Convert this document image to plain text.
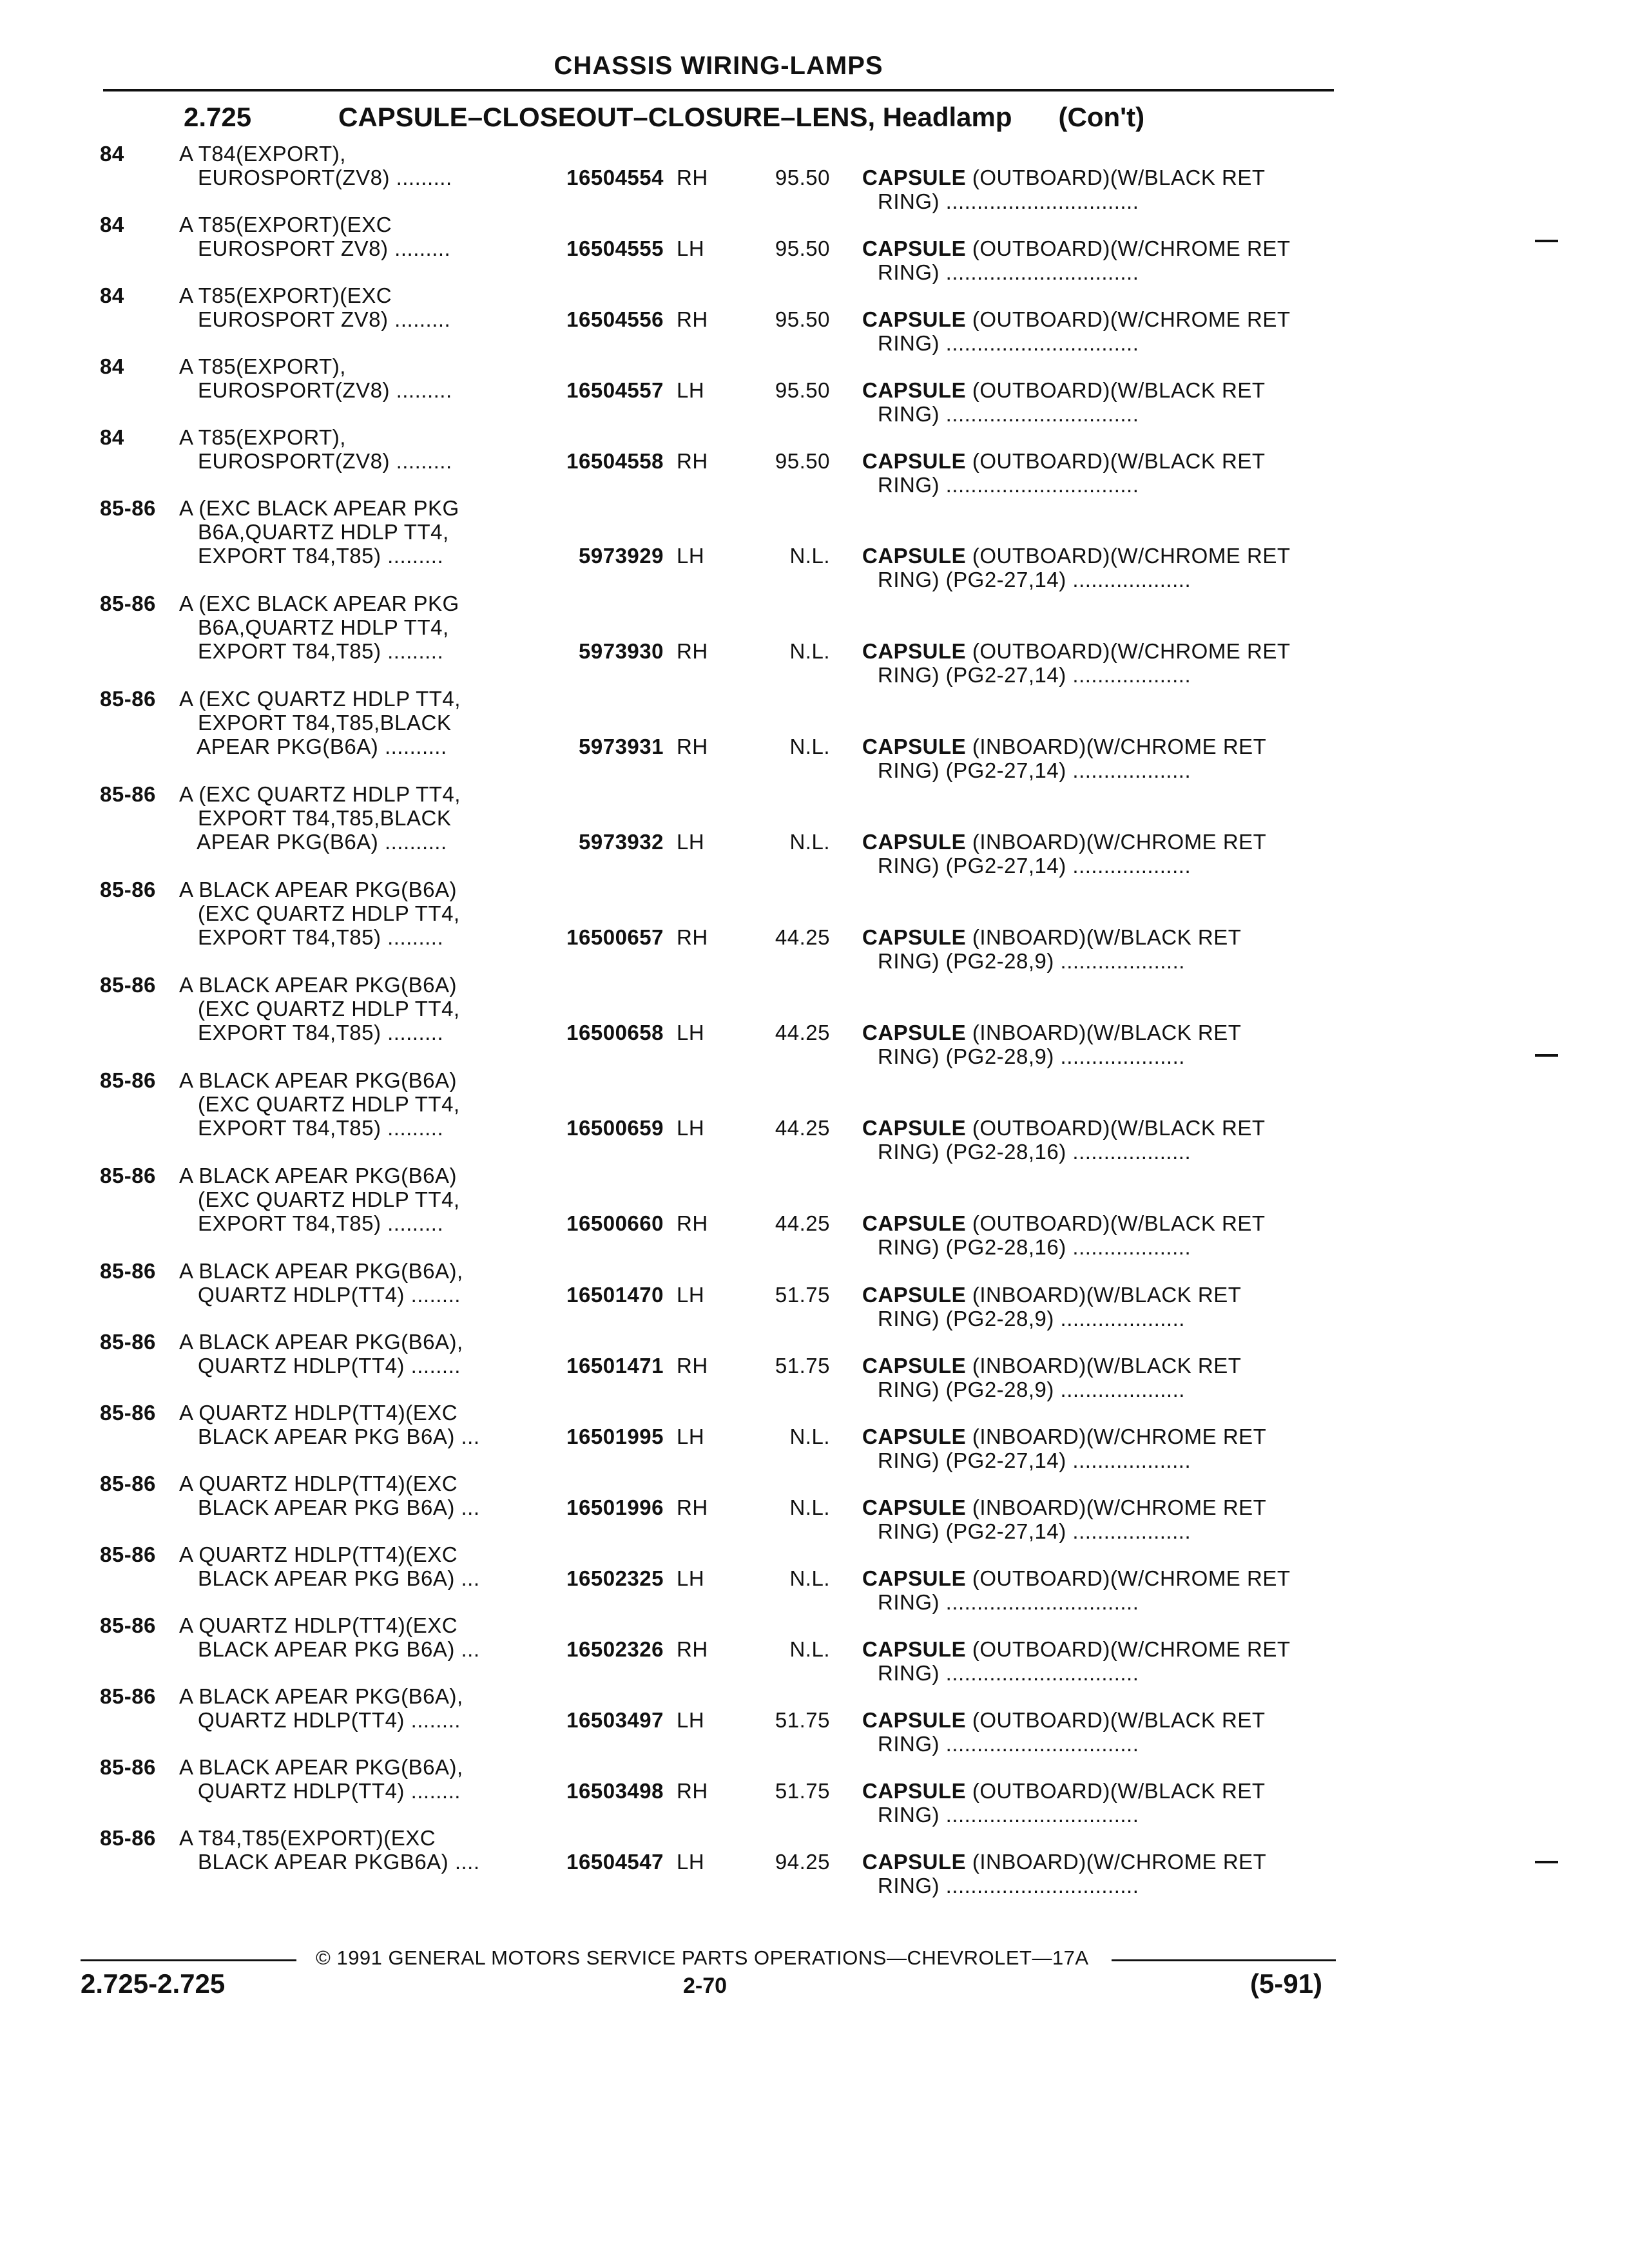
CHASSIS WIRING-LAMPS
2.725	CAPSULE–CLOSEOUT–CLOSURE–LENS, Headlamp (Con't)
84	A T84(EXPORT),
EUROSPORT(ZV8) .........	16504554 RH	95.50 CAPSULE (OUTBOARD)(W/BLACK RET
RING) ...............................
84	A T85(EXPORT)(EXC
EUROSPORT ZV8) .........	16504555 LH	95.50 CAPSULE (OUTBOARD)(W/CHROME RET
RING) ...............................
84	A T85(EXPORT)(EXC
EUROSPORT ZV8) .........	16504556 RH	95.50 CAPSULE (OUTBOARD)(W/CHROME RET
RING) ...............................
84	A T85(EXPORT),
EUROSPORT(ZV8) .........	16504557 LH	95.50 CAPSULE (OUTBOARD)(W/BLACK RET
RING) ...............................
84	A T85(EXPORT),
EUROSPORT(ZV8) .........	16504558 RH	95.50 CAPSULE (OUTBOARD)(W/BLACK RET
RING) ...............................
85-86 A (EXC BLACK APEAR PKG
B6A,QUARTZ HDLP TT4,
EXPORT T84,T85) .........	5973929 LH	N.L. CAPSULE (OUTBOARD)(W/CHROME RET
RING) (PG2-27,14) ...................
85-86 A (EXC BLACK APEAR PKG
B6A,QUARTZ HDLP TT4,
EXPORT T84,T85) .........	5973930 RH	N.L. CAPSULE (OUTBOARD)(W/CHROME RET
RING) (PG2-27,14) ...................
85-86 A (EXC QUARTZ HDLP TT4,
EXPORT T84,T85,BLACK
APEAR PKG(B6A) ..........	5973931 RH	N.L. CAPSULE (INBOARD)(W/CHROME RET
RING) (PG2-27,14) ...................
85-86 A (EXC QUARTZ HDLP TT4,
EXPORT T84,T85,BLACK
APEAR PKG(B6A) ..........	5973932 LH	N.L. CAPSULE (INBOARD)(W/CHROME RET
RING) (PG2-27,14) ...................
85-86 A BLACK APEAR PKG(B6A)
(EXC QUARTZ HDLP TT4,
EXPORT T84,T85) .........	16500657 RH	44.25 CAPSULE (INBOARD)(W/BLACK RET
RING) (PG2-28,9) ....................
85-86 A BLACK APEAR PKG(B6A)
(EXC QUARTZ HDLP TT4,
EXPORT T84,T85) .........	16500658 LH	44.25 CAPSULE (INBOARD)(W/BLACK RET
RING) (PG2-28,9) ....................
85-86 A BLACK APEAR PKG(B6A)
(EXC QUARTZ HDLP TT4,
EXPORT T84,T85) .........	16500659 LH	44.25 CAPSULE (OUTBOARD)(W/BLACK RET
RING) (PG2-28,16) ...................
85-86 A BLACK APEAR PKG(B6A)
(EXC QUARTZ HDLP TT4,
EXPORT T84,T85) .........	16500660 RH	44.25 CAPSULE (OUTBOARD)(W/BLACK RET
RING) (PG2-28,16) ...................
85-86 A BLACK APEAR PKG(B6A),
QUARTZ HDLP(TT4) ........	16501470 LH	51.75 CAPSULE (INBOARD)(W/BLACK RET
RING) (PG2-28,9) ....................
85-86 A BLACK APEAR PKG(B6A),
QUARTZ HDLP(TT4) ........	16501471 RH	51.75 CAPSULE (INBOARD)(W/BLACK RET
RING) (PG2-28,9) ....................
85-86 A QUARTZ HDLP(TT4)(EXC
BLACK APEAR PKG B6A) ...	16501995 LH	N.L. CAPSULE (INBOARD)(W/CHROME RET
RING) (PG2-27,14) ...................
85-86 A QUARTZ HDLP(TT4)(EXC
BLACK APEAR PKG B6A) ...	16501996 RH	N.L. CAPSULE (INBOARD)(W/CHROME RET
RING) (PG2-27,14) ...................
85-86 A QUARTZ HDLP(TT4)(EXC
BLACK APEAR PKG B6A) ...	16502325 LH	N.L. CAPSULE (OUTBOARD)(W/CHROME RET
RING) ...............................
85-86 A QUARTZ HDLP(TT4)(EXC
BLACK APEAR PKG B6A) ...	16502326 RH	N.L. CAPSULE (OUTBOARD)(W/CHROME RET
RING) ...............................
85-86 A BLACK APEAR PKG(B6A),
QUARTZ HDLP(TT4) ........	16503497 LH	51.75 CAPSULE (OUTBOARD)(W/BLACK RET
RING) ...............................
85-86 A BLACK APEAR PKG(B6A),
QUARTZ HDLP(TT4) ........	16503498 RH	51.75 CAPSULE (OUTBOARD)(W/BLACK RET
RING) ...............................
85-86 A T84,T85(EXPORT)(EXC
BLACK APEAR PKGB6A) ....	16504547 LH	94.25 CAPSULE (INBOARD)(W/CHROME RET
RING) ...............................
© 1991 GENERAL MOTORS SERVICE PARTS OPERATIONS—CHEVROLET—17A
2.725-2.725	2-70	(5-91)
